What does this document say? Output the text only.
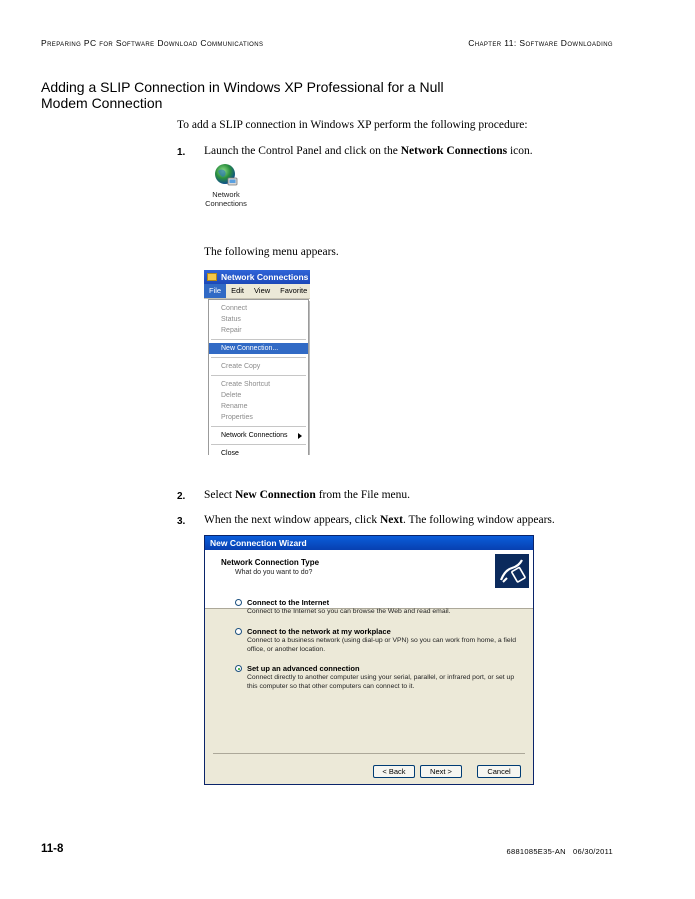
Preparing PC for Software Download Communications	Chapter 11: Software Downloading
Adding a SLIP Connection in Windows XP Professional for a Null Modem Connection
To add a SLIP connection in Windows XP perform the following procedure:
1. Launch the Control Panel and click on the Network Connections icon.
Network
Connections
The following menu appears.
Network Connections
File	Edit	View	Favorite
Connect
Status
Repair
New Connection...
Create Copy
Create Shortcut
Delete
Rename
Properties
Network Connections
Close
2. Select New Connection from the File menu.
3. When the next window appears, click Next. The following window appears.
New Connection Wizard
Network Connection Type
What do you want to do?
Connect to the Internet
Connect to the Internet so you can browse the Web and read email.
Connect to the network at my workplace
Connect to a business network (using dial-up or VPN) so you can work from home, a field office, or another location.
Set up an advanced connection
Connect directly to another computer using your serial, parallel, or infrared port, or set up this computer so that other computers can connect to it.
< Back	Next >	Cancel
11-8	6881085E35-AN 06/30/2011
